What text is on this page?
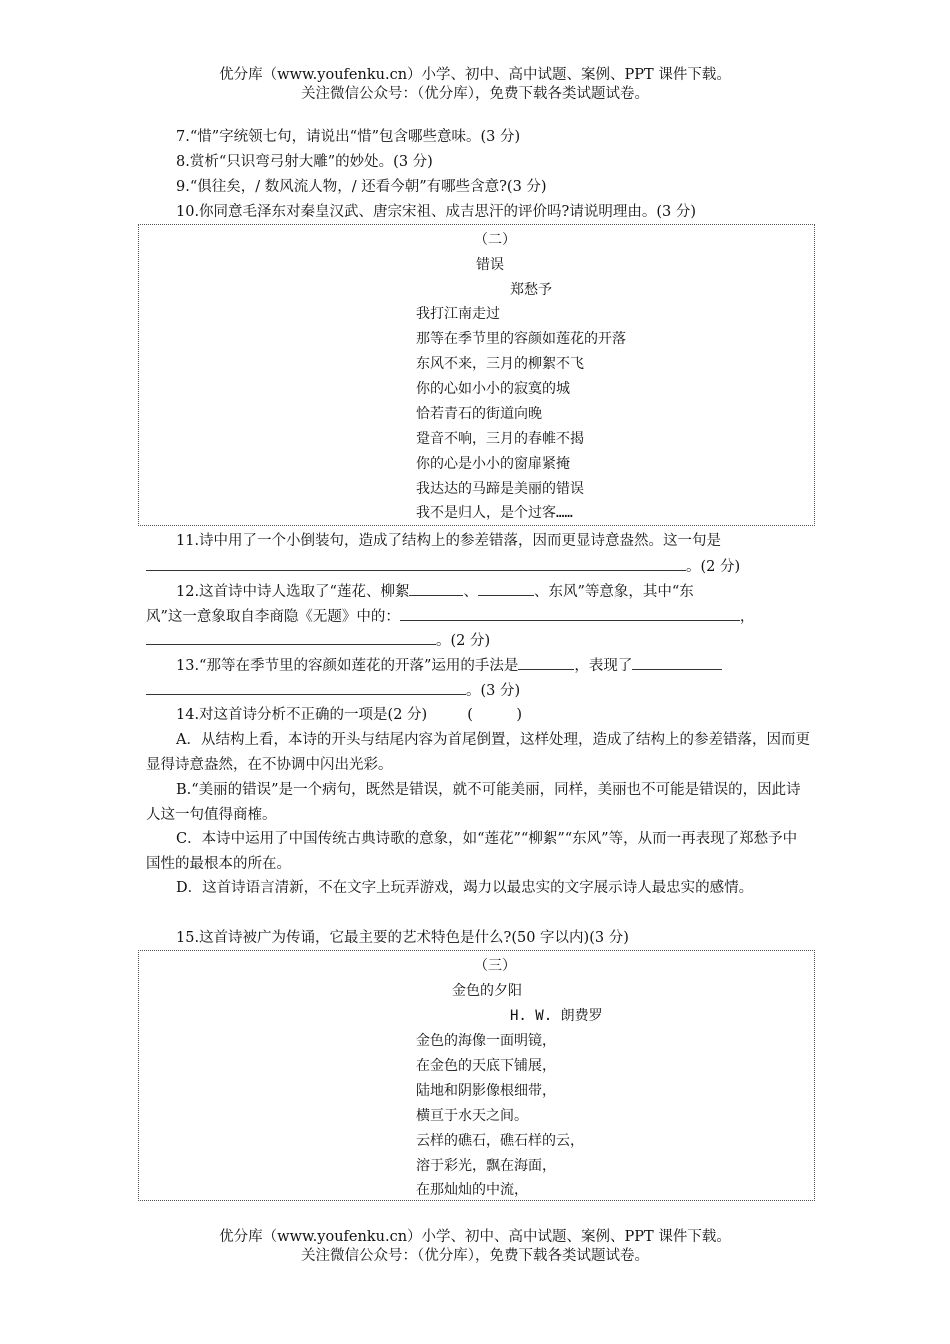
优分库（www.youfenku.cn）小学、初中、高中试题、案例、PPT 课件下载。
关注微信公众号：（优分库），免费下载各类试题试卷。
7.“惜”字统领七句，请说出“惜”包含哪些意味。(3 分)
8.赏析“只识弯弓射大雕”的妙处。(3 分)
9.“俱往矣，/ 数风流人物，/ 还看今朝”有哪些含意?(3 分)
10.你同意毛泽东对秦皇汉武、唐宗宋祖、成吉思汗的评价吗?请说明理由。(3 分)
（二）
错误
郑愁予
我打江南走过
那等在季节里的容颜如莲花的开落
东风不来，三月的柳絮不飞
你的心如小小的寂寞的城
恰若青石的街道向晚
跫音不响，三月的春帷不揭
你的心是小小的窗扉紧掩
我达达的马蹄是美丽的错误
我不是归人，是个过客……
11.诗中用了一个小倒装句，造成了结构上的参差错落，因而更显诗意盎然。这一句是
。(2 分)
12.这首诗中诗人选取了“莲花、柳絮	、	、东风”等意象，其中“东
风”这一意象取自李商隐《无题》中的：	，
。(2 分)
13.“那等在季节里的容颜如莲花的开落”运用的手法是	，表现了
。(3 分)
14.对这首诗分析不正确的一项是(2 分)	(　　　)
A．从结构上看，本诗的开头与结尾内容为首尾倒置，这样处理，造成了结构上的参差错落，因而更显得诗意盎然，在不协调中闪出光彩。
B.“美丽的错误”是一个病句，既然是错误，就不可能美丽，同样，美丽也不可能是错误的，因此诗人这一句值得商榷。
C．本诗中运用了中国传统古典诗歌的意象，如“莲花”“柳絮”“东风”等，从而一再表现了郑愁予中国性的最根本的所在。
D．这首诗语言清新，不在文字上玩弄游戏，竭力以最忠实的文字展示诗人最忠实的感情。
15.这首诗被广为传诵，它最主要的艺术特色是什么?(50 字以内)(3 分)
（三）
金色的夕阳
H. W. 朗费罗
金色的海像一面明镜，
在金色的天底下铺展，
陆地和阴影像根细带，
横亘于水天之间。
云样的礁石，礁石样的云，
溶于彩光，飘在海面，
在那灿灿的中流，
优分库（www.youfenku.cn）小学、初中、高中试题、案例、PPT 课件下载。
关注微信公众号：（优分库），免费下载各类试题试卷。
